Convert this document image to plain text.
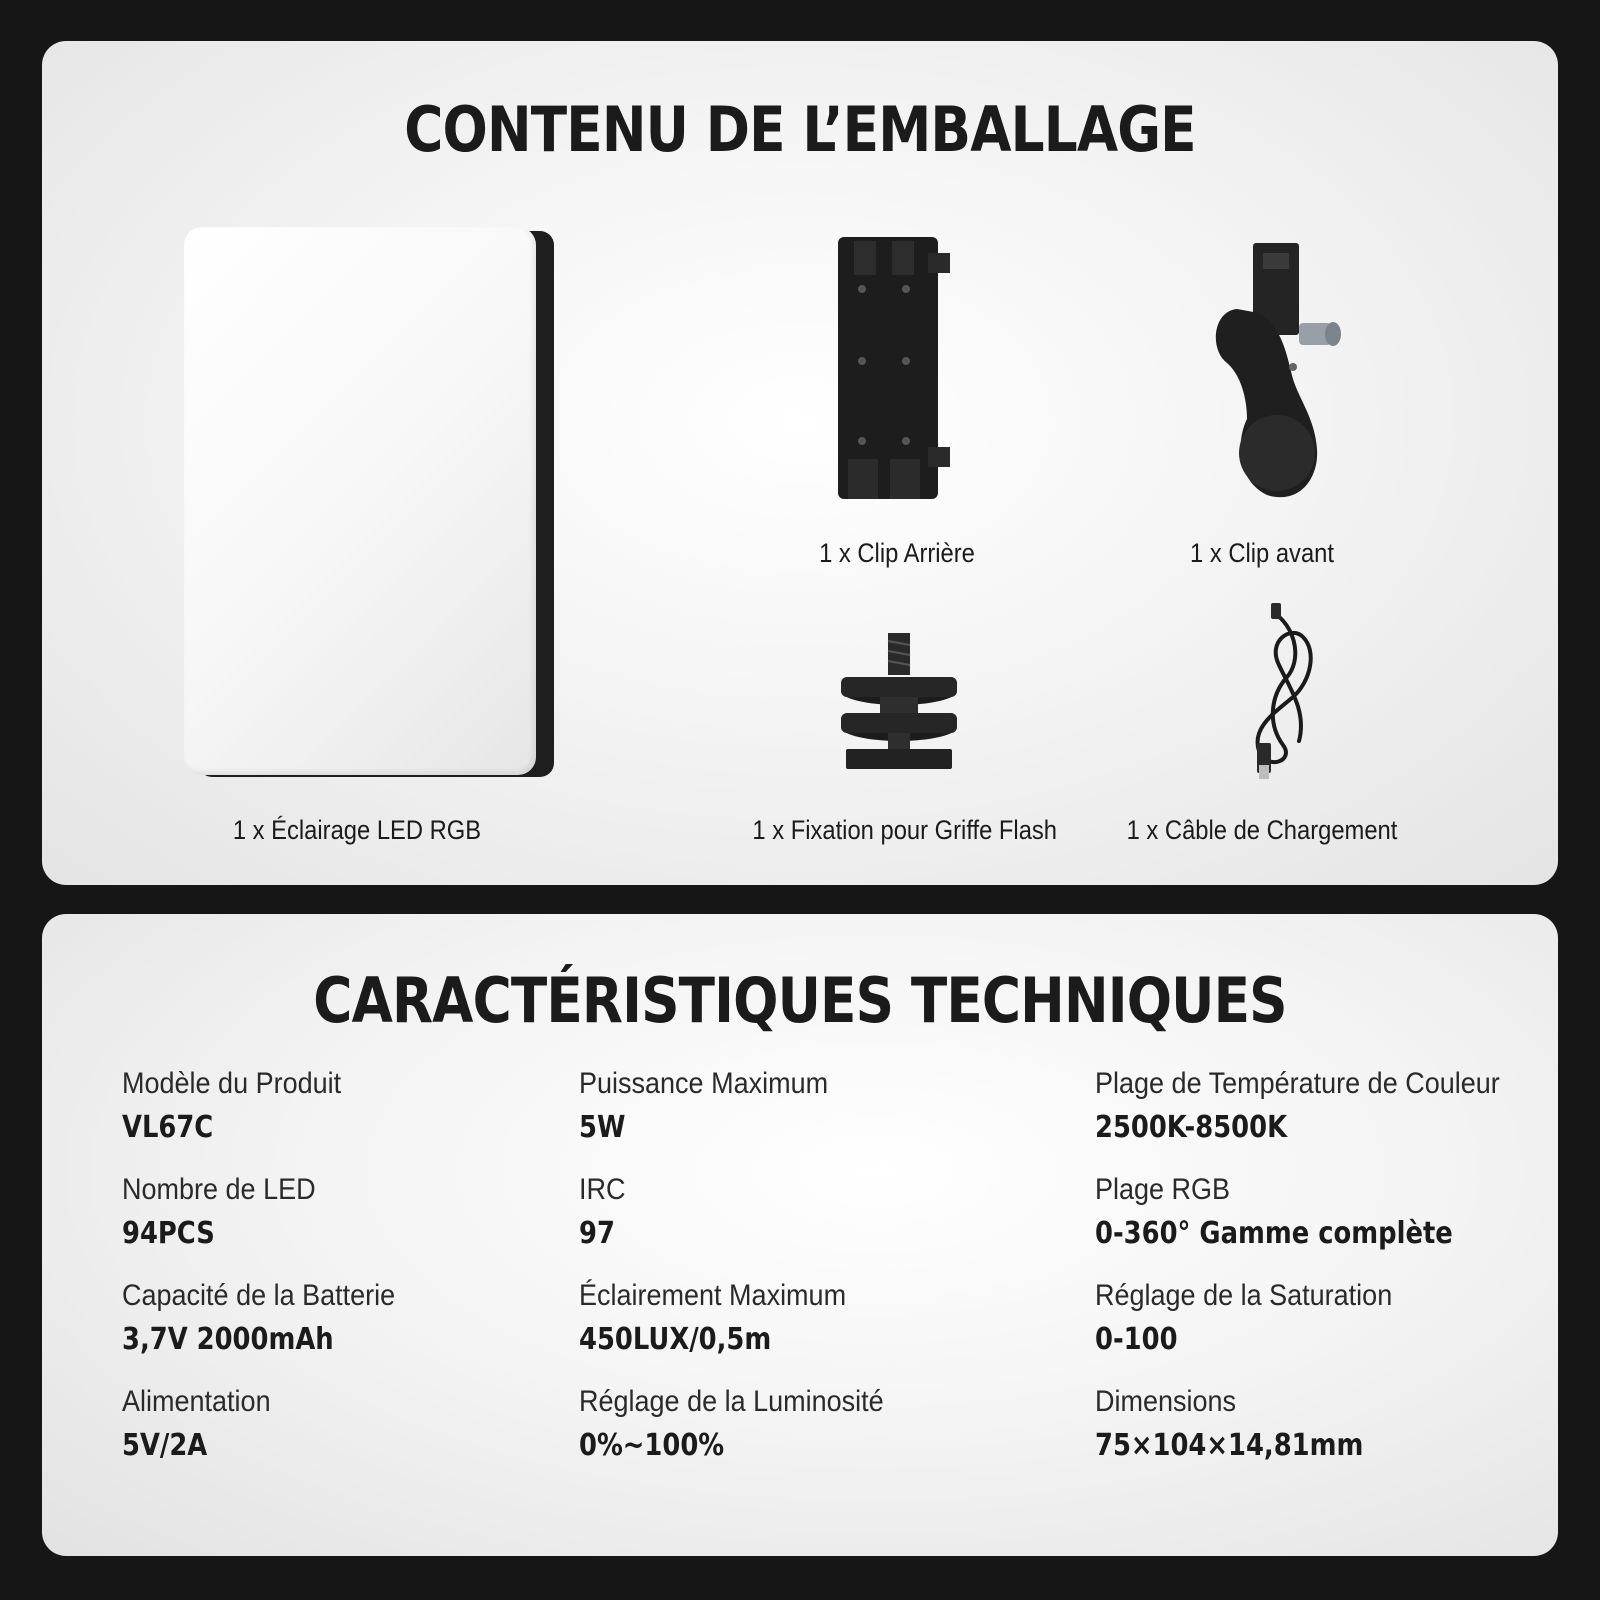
CONTENU DE L’EMBALLAGE
1 x Éclairage LED RGB
1 x Clip Arrière	1 x Clip avant
1 x Fixation pour Griffe Flash	1 x Câble de Chargement
CARACTÉRISTIQUES TECHNIQUES
Modèle du Produit
VL67C
Nombre de LED
94PCS
Capacité de la Batterie
3,7V 2000mAh
Alimentation
5V/2A
Puissance Maximum
5W
IRC
97
Éclairement Maximum
450LUX/0,5m
Réglage de la Luminosité
0%~100%
Plage de Température de Couleur
2500K-8500K
Plage RGB
0-360° Gamme complète
Réglage de la Saturation
0-100
Dimensions
75×104×14,81mm
